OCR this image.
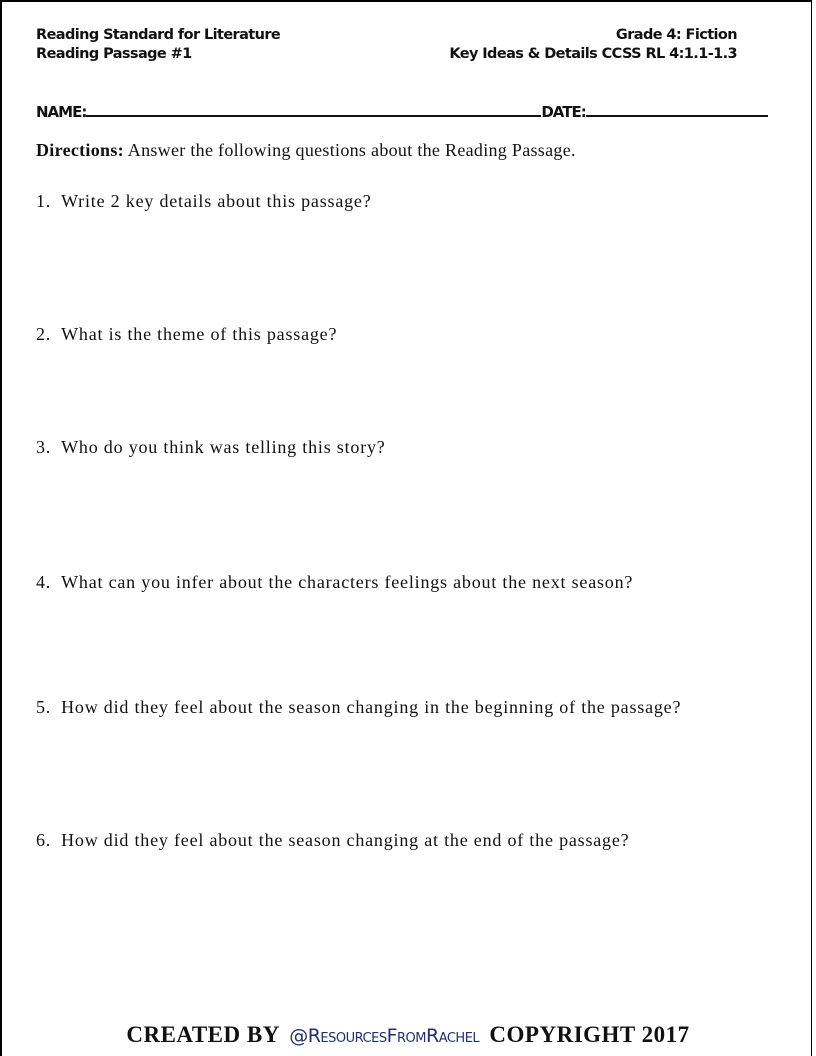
Reading Standard for Literature
Reading Passage #1
Grade 4: Fiction
Key Ideas & Details CCSS RL 4:1.1-1.3
NAME:	DATE:
Directions: Answer the following questions about the Reading Passage.
1. Write 2 key details about this passage?
2. What is the theme of this passage?
3. Who do you think was telling this story?
4. What can you infer about the characters feelings about the next season?
5. How did they feel about the season changing in the beginning of the passage?
6. How did they feel about the season changing at the end of the passage?
CREATED BY @ResourcesFromRachel COPYRIGHT 2017
